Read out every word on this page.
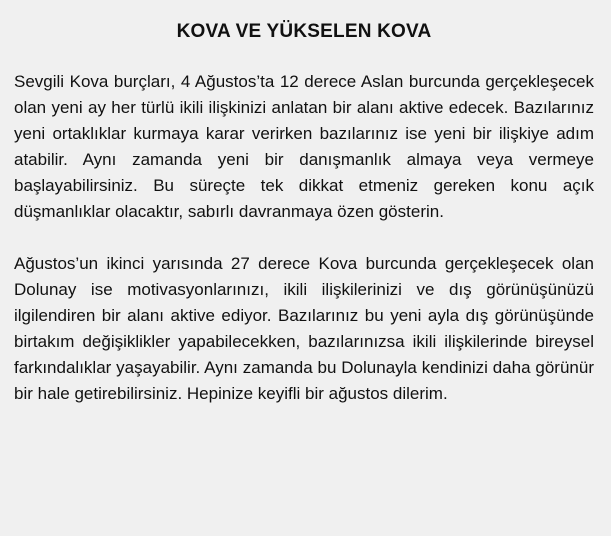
KOVA VE YÜKSELEN KOVA

Sevgili Kova burçları, 4 Ağustos’ta 12 derece Aslan burcunda gerçekleşecek olan yeni ay her türlü ikili ilişkinizi anlatan bir alanı aktive edecek. Bazılarınız yeni ortaklıklar kurmaya karar verirken bazılarınız ise yeni bir ilişkiye adım atabilir. Aynı zamanda yeni bir danışmanlık almaya veya vermeye başlayabilirsiniz. Bu süreçte tek dikkat etmeniz gereken konu açık düşmanlıklar olacaktır, sabırlı davranmaya özen gösterin.

Ağustos’un ikinci yarısında 27 derece Kova burcunda gerçekleşecek olan Dolunay ise motivasyonlarınızı, ikili ilişkilerinizi ve dış görünüşünüzü ilgilendiren bir alanı aktive ediyor. Bazılarınız bu yeni ayla dış görünüşünde birtakım değişiklikler yapabilecekken, bazılarınızsa ikili ilişkilerinde bireysel farkındalıklar yaşayabilir. Aynı zamanda bu Dolunayla kendinizi daha görünür bir hale getirebilirsiniz. Hepinize keyifli bir ağustos dilerim.
